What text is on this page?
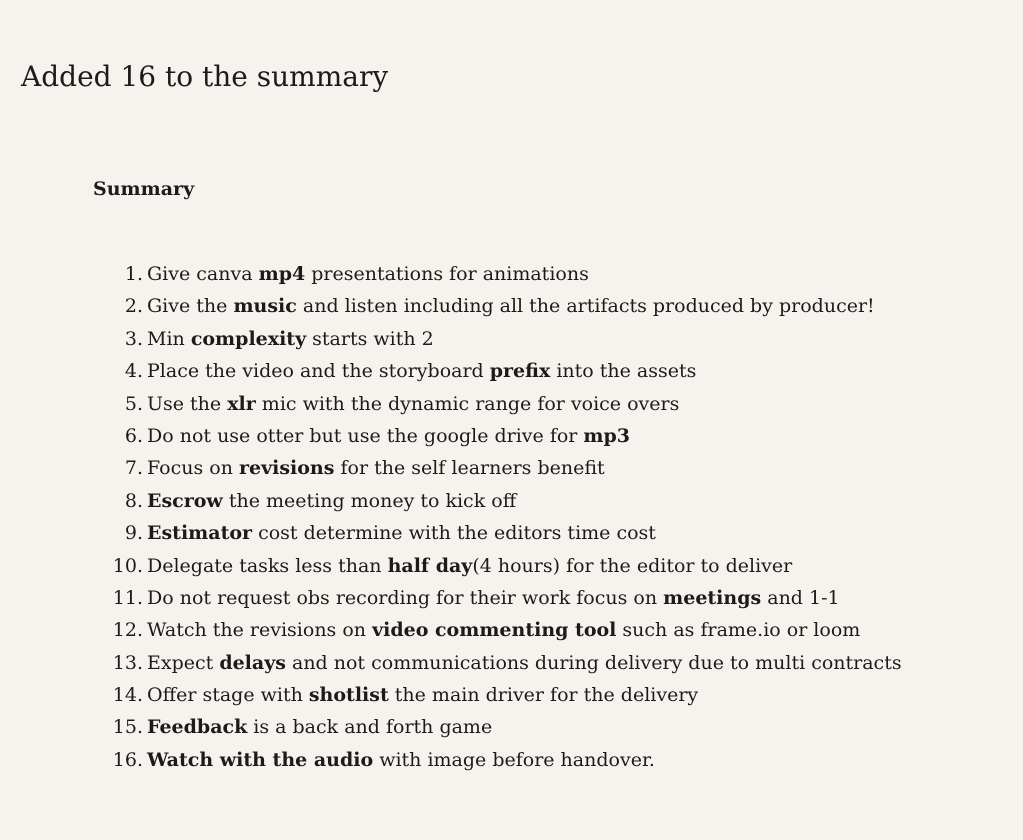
Added 16 to the summary
Summary
1. Give canva mp4 presentations for animations
2. Give the music and listen including all the artifacts produced by producer!
3. Min complexity starts with 2
4. Place the video and the storyboard prefix into the assets
5. Use the xlr mic with the dynamic range for voice overs
6. Do not use otter but use the google drive for mp3
7. Focus on revisions for the self learners benefit
8. Escrow the meeting money to kick off
9. Estimator cost determine with the editors time cost
10. Delegate tasks less than half day(4 hours) for the editor to deliver
11. Do not request obs recording for their work focus on meetings and 1-1
12. Watch the revisions on video commenting tool such as frame.io or loom
13. Expect delays and not communications during delivery due to multi contracts
14. Offer stage with shotlist the main driver for the delivery
15. Feedback is a back and forth game
16. Watch with the audio with image before handover.
